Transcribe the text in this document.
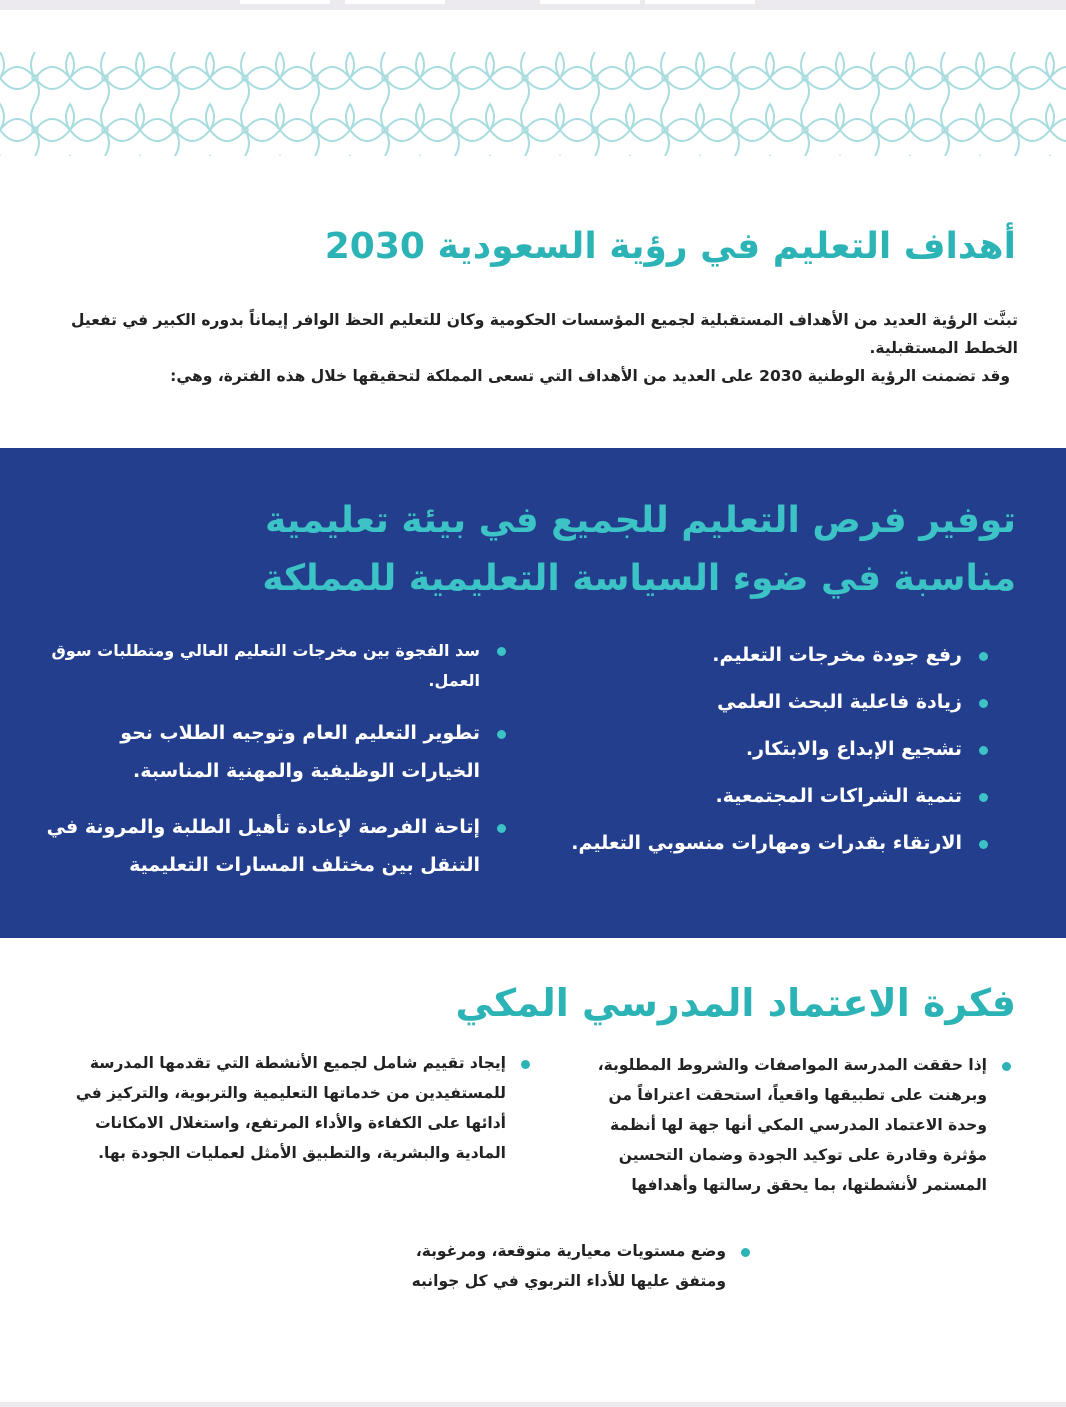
أهداف التعليم في رؤية السعودية 2030

تبنَّت الرؤية العديد من الأهداف المستقبلية لجميع المؤسسات الحكومية وكان للتعليم الحظ الوافر إيماناً بدوره الكبير في تفعيل الخطط المستقبلية.

وقد تضمنت الرؤية الوطنية 2030 على العديد من الأهداف التي تسعى المملكة لتحقيقها خلال هذه الفترة، وهي:

توفير فرص التعليم للجميع في بيئة تعليمية
مناسبة في ضوء السياسة التعليمية للمملكة
رفع جودة مخرجات التعليم.
زيادة فاعلية البحث العلمي
تشجيع الإبداع والابتكار.
تنمية الشراكات المجتمعية.
الارتقاء بقدرات ومهارات منسوبي التعليم.
سد الفجوة بين مخرجات التعليم العالي ومتطلبات سوق العمل.
تطوير التعليم العام وتوجيه الطلاب نحو الخيارات الوظيفية والمهنية المناسبة.
إتاحة الفرصة لإعادة تأهيل الطلبة والمرونة في التنقل بين مختلف المسارات التعليمية
فكرة الاعتماد المدرسي المكي
إيجاد تقييم شامل لجميع الأنشطة التي تقدمها المدرسة للمستفيدين من خدماتها التعليمية والتربوية، والتركيز في أدائها على الكفاءة والأداء المرتفع، واستغلال الامكانات المادية والبشرية، والتطبيق الأمثل لعمليات الجودة بها.
إذا حققت المدرسة المواصفات والشروط المطلوبة، وبرهنت على تطبيقها واقعياً، استحقت اعترافاً من وحدة الاعتماد المدرسي المكي أنها جهة لها أنظمة مؤثرة وقادرة على توكيد الجودة وضمان التحسين المستمر لأنشطتها، بما يحقق رسالتها وأهدافها
وضع مستويات معيارية متوقعة، ومرغوبة، ومتفق عليها للأداء التربوي في كل جوانبه
